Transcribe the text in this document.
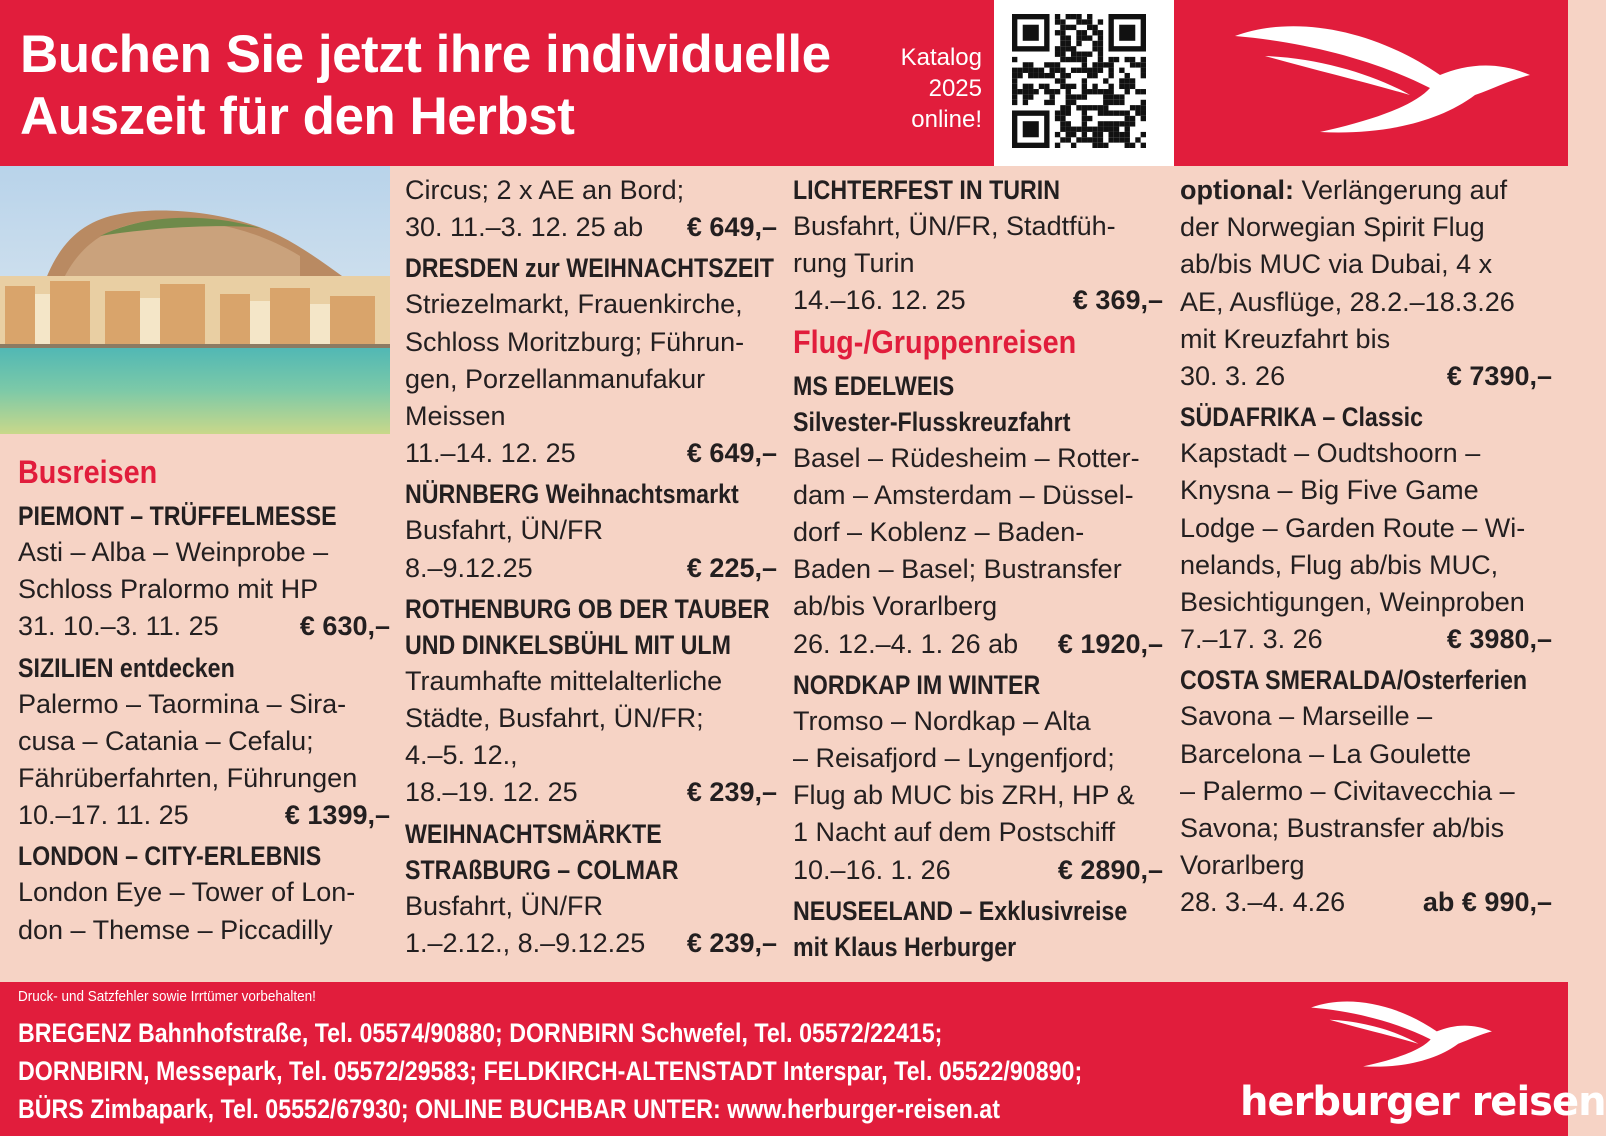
Buchen Sie jetzt ihre individuelle
Auszeit für den Herbst
Katalog
2025
online!
Busreisen
PIEMONT – TRÜFFELMESSE
Asti – Alba – Weinprobe –
Schloss Pralormo mit HP
31. 10.–3. 11. 25	€ 630,–
SIZILIEN entdecken
Palermo – Taormina – Sira-
cusa – Catania – Cefalu;
Fährüberfahrten, Führungen
10.–17. 11. 25	€ 1399,–
LONDON – CITY-ERLEBNIS
London Eye – Tower of Lon-
don – Themse – Piccadilly
Circus; 2 x AE an Bord;
30. 11.–3. 12. 25 ab € 649,–
DRESDEN zur WEIHNACHTSZEIT
Striezelmarkt, Frauenkirche,
Schloss Moritzburg; Führun-
gen, Porzellanmanufakur
Meissen
11.–14. 12. 25	€ 649,–
NÜRNBERG Weihnachtsmarkt
Busfahrt, ÜN/FR
8.–9.12.25	€ 225,–
ROTHENBURG OB DER TAUBER
UND DINKELSBÜHL MIT ULM
Traumhafte mittelalterliche
Städte, Busfahrt, ÜN/FR;
4.–5. 12.,
18.–19. 12. 25	€ 239,–
WEIHNACHTSMÄRKTE
STRAßBURG – COLMAR
Busfahrt, ÜN/FR
1.–2.12., 8.–9.12.25 € 239,–
LICHTERFEST IN TURIN
Busfahrt, ÜN/FR, Stadtfüh-
rung Turin
14.–16. 12. 25	€ 369,–
Flug-/Gruppenreisen
MS EDELWEIS
Silvester-Flusskreuzfahrt
Basel – Rüdesheim – Rotter-
dam – Amsterdam – Düssel-
dorf – Koblenz – Baden-
Baden – Basel; Bustransfer
ab/bis Vorarlberg
26. 12.–4. 1. 26 ab € 1920,–
NORDKAP IM WINTER
Tromso – Nordkap – Alta
– Reisafjord – Lyngenfjord;
Flug ab MUC bis ZRH, HP &
1 Nacht auf dem Postschiff
10.–16. 1. 26	€ 2890,–
NEUSEELAND – Exklusivreise
mit Klaus Herburger
optional: Verlängerung auf
der Norwegian Spirit Flug
ab/bis MUC via Dubai, 4 x
AE, Ausflüge, 28.2.–18.3.26
mit Kreuzfahrt bis
30. 3. 26	€ 7390,–
SÜDAFRIKA – Classic
Kapstadt – Oudtshoorn –
Knysna – Big Five Game
Lodge – Garden Route – Wi-
nelands, Flug ab/bis MUC,
Besichtigungen, Weinproben
7.–17. 3. 26	€ 3980,–
COSTA SMERALDA/Osterferien
Savona – Marseille –
Barcelona – La Goulette
– Palermo – Civitavecchia –
Savona; Bustransfer ab/bis
Vorarlberg
28. 3.–4. 4.26	ab € 990,–
Druck- und Satzfehler sowie Irrtümer vorbehalten!
BREGENZ Bahnhofstraße, Tel. 05574/90880; DORNBIRN Schwefel, Tel. 05572/22415;
DORNBIRN, Messepark, Tel. 05572/29583; FELDKIRCH-ALTENSTADT Interspar, Tel. 05522/90890;
BÜRS Zimbapark, Tel. 05552/67930; ONLINE BUCHBAR UNTER: www.herburger-reisen.at	herburger reisen
